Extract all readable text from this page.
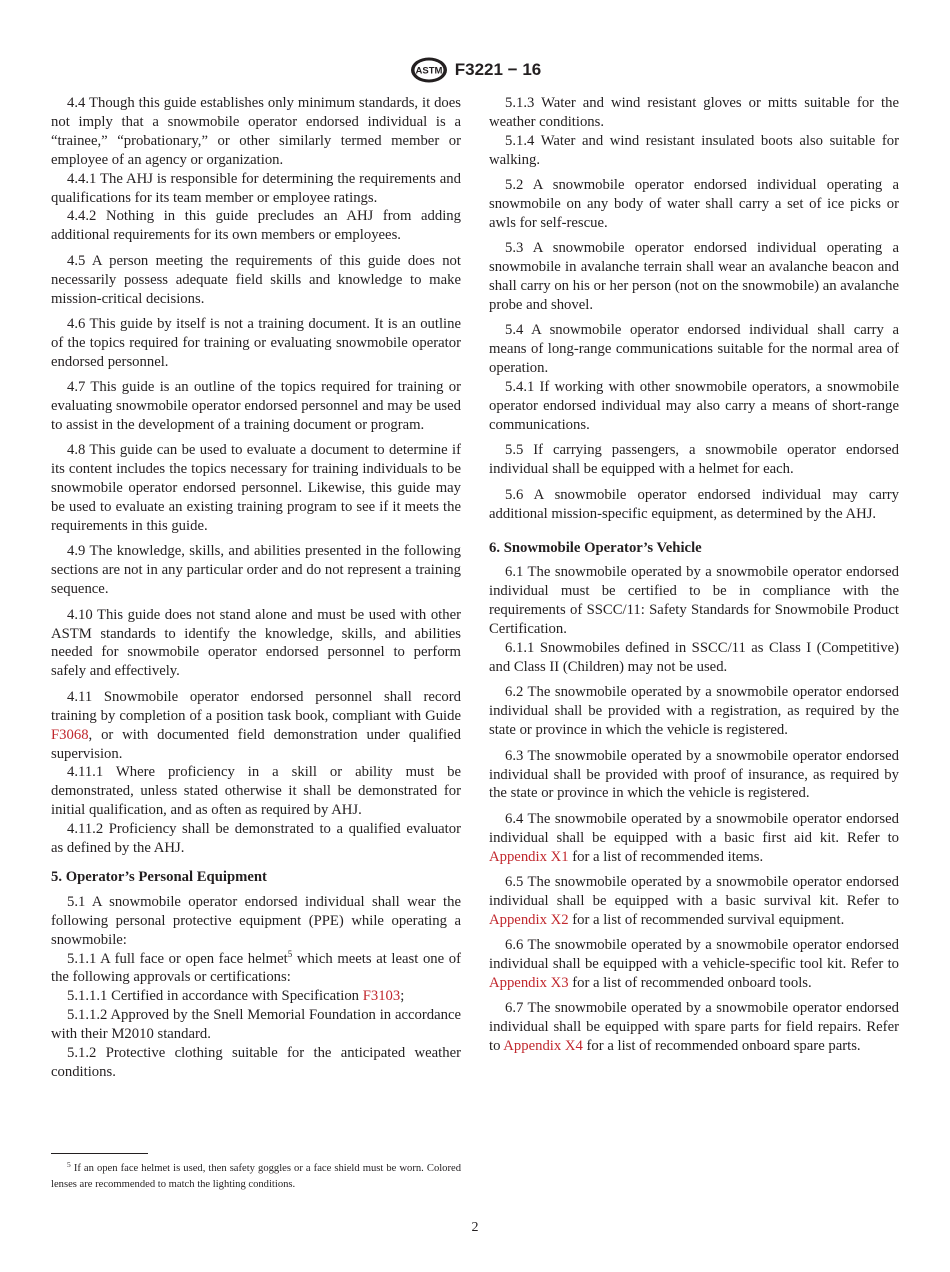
ASTM F3221 − 16

4.4 Though this guide establishes only minimum standards, it does not imply that a snowmobile operator endorsed individual is a “trainee,” “probationary,” or other similarly termed member or employee of an agency or organization.

4.4.1 The AHJ is responsible for determining the requirements and qualifications for its team member or employee ratings.

4.4.2 Nothing in this guide precludes an AHJ from adding additional requirements for its own members or employees.

4.5 A person meeting the requirements of this guide does not necessarily possess adequate field skills and knowledge to make mission-critical decisions.

4.6 This guide by itself is not a training document. It is an outline of the topics required for training or evaluating snowmobile operator endorsed personnel.

4.7 This guide is an outline of the topics required for training or evaluating snowmobile operator endorsed personnel and may be used to assist in the development of a training document or program.

4.8 This guide can be used to evaluate a document to determine if its content includes the topics necessary for training individuals to be snowmobile operator endorsed personnel. Likewise, this guide may be used to evaluate an existing training program to see if it meets the requirements in this guide.

4.9 The knowledge, skills, and abilities presented in the following sections are not in any particular order and do not represent a training sequence.

4.10 This guide does not stand alone and must be used with other ASTM standards to identify the knowledge, skills, and abilities needed for snowmobile operator endorsed personnel to perform safely and effectively.

4.11 Snowmobile operator endorsed personnel shall record training by completion of a position task book, compliant with Guide F3068, or with documented field demonstration under qualified supervision.

4.11.1 Where proficiency in a skill or ability must be demonstrated, unless stated otherwise it shall be demonstrated for initial qualification, and as often as required by AHJ.

4.11.2 Proficiency shall be demonstrated to a qualified evaluator as defined by the AHJ.

5. Operator’s Personal Equipment

5.1 A snowmobile operator endorsed individual shall wear the following personal protective equipment (PPE) while operating a snowmobile:

5.1.1 A full face or open face helmet$^5$ which meets at least one of the following approvals or certifications:

5.1.1.1 Certified in accordance with Specification F3103;

5.1.1.2 Approved by the Snell Memorial Foundation in accordance with their M2010 standard.

5.1.2 Protective clothing suitable for the anticipated weather conditions.

5.1.3 Water and wind resistant gloves or mitts suitable for the weather conditions.

5.1.4 Water and wind resistant insulated boots also suitable for walking.

5.2 A snowmobile operator endorsed individual operating a snowmobile on any body of water shall carry a set of ice picks or awls for self-rescue.

5.3 A snowmobile operator endorsed individual operating a snowmobile in avalanche terrain shall wear an avalanche beacon and shall carry on his or her person (not on the snowmobile) an avalanche probe and shovel.

5.4 A snowmobile operator endorsed individual shall carry a means of long-range communications suitable for the normal area of operation.

5.4.1 If working with other snowmobile operators, a snowmobile operator endorsed individual may also carry a means of short-range communications.

5.5 If carrying passengers, a snowmobile operator endorsed individual shall be equipped with a helmet for each.

5.6 A snowmobile operator endorsed individual may carry additional mission-specific equipment, as determined by the AHJ.

6. Snowmobile Operator’s Vehicle

6.1 The snowmobile operated by a snowmobile operator endorsed individual must be certified to be in compliance with the requirements of SSCC/11: Safety Standards for Snowmobile Product Certification.

6.1.1 Snowmobiles defined in SSCC/11 as Class I (Competitive) and Class II (Children) may not be used.

6.2 The snowmobile operated by a snowmobile operator endorsed individual shall be provided with a registration, as required by the state or province in which the vehicle is registered.

6.3 The snowmobile operated by a snowmobile operator endorsed individual shall be provided with proof of insurance, as required by the state or province in which the vehicle is registered.

6.4 The snowmobile operated by a snowmobile operator endorsed individual shall be equipped with a basic first aid kit. Refer to Appendix X1 for a list of recommended items.

6.5 The snowmobile operated by a snowmobile operator endorsed individual shall be equipped with a basic survival kit. Refer to Appendix X2 for a list of recommended survival equipment.

6.6 The snowmobile operated by a snowmobile operator endorsed individual shall be equipped with a vehicle-specific tool kit. Refer to Appendix X3 for a list of recommended onboard tools.

6.7 The snowmobile operated by a snowmobile operator endorsed individual shall be equipped with spare parts for field repairs. Refer to Appendix X4 for a list of recommended onboard spare parts.

$^5$ If an open face helmet is used, then safety goggles or a face shield must be worn. Colored lenses are recommended to match the lighting conditions.

2
